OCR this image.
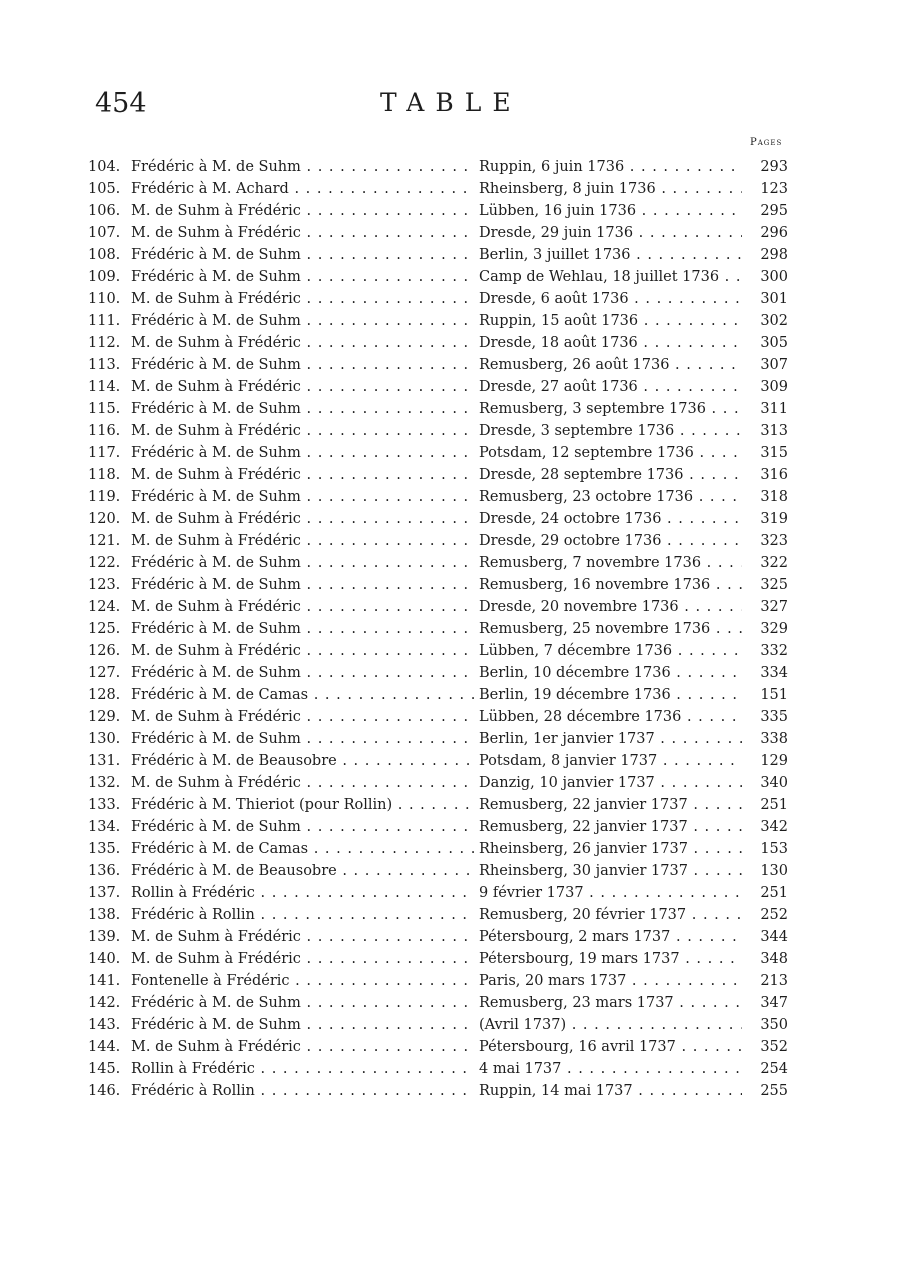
454	TABLE
Pages
104. Frédéric à M. de Suhm . . .	Ruppin, 6 juin 1736 . . .	293
105. Frédéric à M. Achard . . .	Rheinsberg, 8 juin 1736 . . .	123
106. M. de Suhm à Frédéric . . .	Lübben, 16 juin 1736 . . .	295
107. M. de Suhm à Frédéric . . .	Dresde, 29 juin 1736 . . .	296
108. Frédéric à M. de Suhm . . .	Berlin, 3 juillet 1736 . . .	298
109. Frédéric à M. de Suhm . . .	Camp de Wehlau, 18 juillet 1736 . . .	300
110. M. de Suhm à Frédéric . . .	Dresde, 6 août 1736 . . .	301
111. Frédéric à M. de Suhm . . .	Ruppin, 15 août 1736 . . .	302
112. M. de Suhm à Frédéric . . .	Dresde, 18 août 1736 . . .	305
113. Frédéric à M. de Suhm . . .	Remusberg, 26 août 1736 . . .	307
114. M. de Suhm à Frédéric . . .	Dresde, 27 août 1736 . . .	309
115. Frédéric à M. de Suhm . . .	Remusberg, 3 septembre 1736 . . .	311
116. M. de Suhm à Frédéric . . .	Dresde, 3 septembre 1736 . . .	313
117. Frédéric à M. de Suhm . . .	Potsdam, 12 septembre 1736 . . .	315
118. M. de Suhm à Frédéric . . .	Dresde, 28 septembre 1736 . . .	316
119. Frédéric à M. de Suhm . . .	Remusberg, 23 octobre 1736 . . .	318
120. M. de Suhm à Frédéric . . .	Dresde, 24 octobre 1736 . . .	319
121. M. de Suhm à Frédéric . . .	Dresde, 29 octobre 1736 . . .	323
122. Frédéric à M. de Suhm . . .	Remusberg, 7 novembre 1736 . . .	322
123. Frédéric à M. de Suhm . . .	Remusberg, 16 novembre 1736 . . .	325
124. M. de Suhm à Frédéric . . .	Dresde, 20 novembre 1736 . . .	327
125. Frédéric à M. de Suhm . . .	Remusberg, 25 novembre 1736 . . .	329
126. M. de Suhm à Frédéric . . .	Lübben, 7 décembre 1736 . . .	332
127. Frédéric à M. de Suhm . . .	Berlin, 10 décembre 1736 . . .	334
128. Frédéric à M. de Camas . . .	Berlin, 19 décembre 1736 . . .	151
129. M. de Suhm à Frédéric . . .	Lübben, 28 décembre 1736 . . .	335
130. Frédéric à M. de Suhm . . .	Berlin, 1er janvier 1737 . . .	338
131. Frédéric à M. de Beausobre . . .	Potsdam, 8 janvier 1737 . . .	129
132. M. de Suhm à Frédéric . . .	Danzig, 10 janvier 1737 . . .	340
133. Frédéric à M. Thieriot (pour Rollin) . . .	Remusberg, 22 janvier 1737 . . .	251
134. Frédéric à M. de Suhm . . .	Remusberg, 22 janvier 1737 . . .	342
135. Frédéric à M. de Camas . . .	Rheinsberg, 26 janvier 1737 . . .	153
136. Frédéric à M. de Beausobre . . .	Rheinsberg, 30 janvier 1737 . . .	130
137. Rollin à Frédéric . . .	9 février 1737 . . .	251
138. Frédéric à Rollin . . .	Remusberg, 20 février 1737 . . .	252
139. M. de Suhm à Frédéric . . .	Pétersbourg, 2 mars 1737 . . .	344
140. M. de Suhm à Frédéric . . .	Pétersbourg, 19 mars 1737 . . .	348
141. Fontenelle à Frédéric . . .	Paris, 20 mars 1737 . . .	213
142. Frédéric à M. de Suhm . . .	Remusberg, 23 mars 1737 . . .	347
143. Frédéric à M. de Suhm . . .	(Avril 1737) . . .	350
144. M. de Suhm à Frédéric . . .	Pétersbourg, 16 avril 1737 . . .	352
145. Rollin à Frédéric . . .	4 mai 1737 . . .	254
146. Frédéric à Rollin . . .	Ruppin, 14 mai 1737 . . .	255
